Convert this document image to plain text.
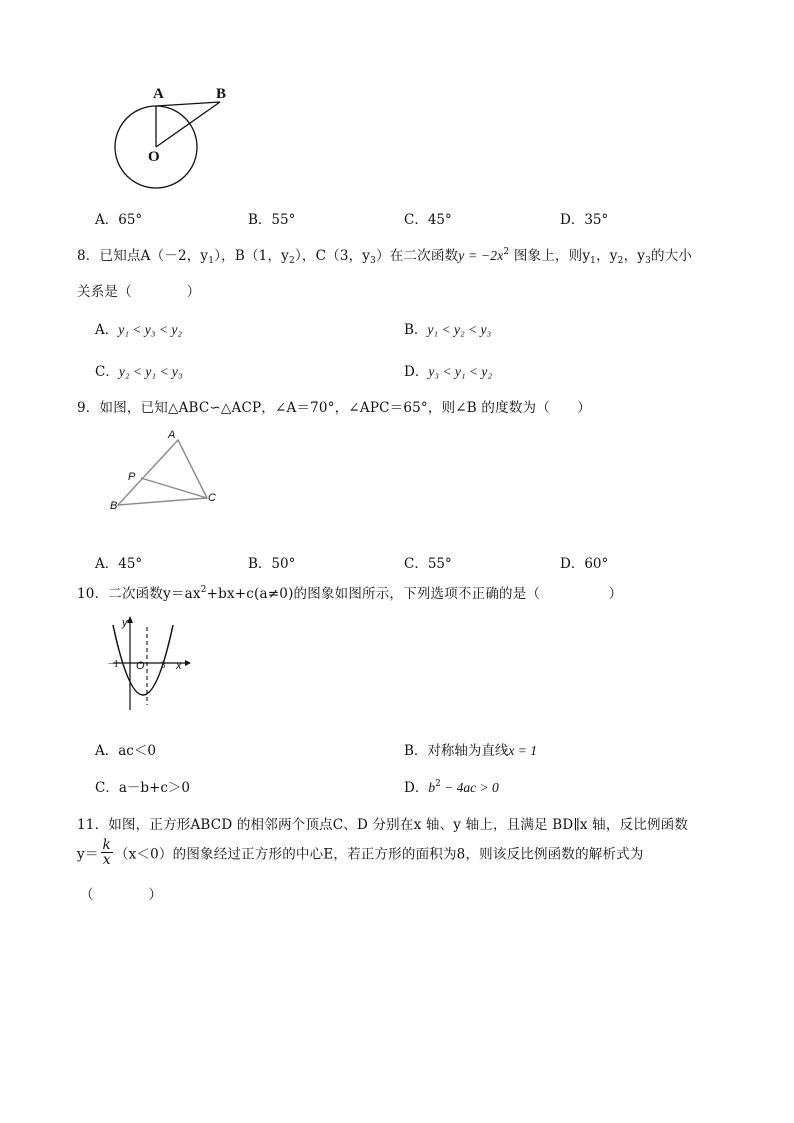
A	B
O
A．65°	B．55°	C．45°	D．35°
8．已知点A（－2，$y_1$），B（1，$y_2$），C（3，$y_3$）在二次函数$y = -2x^2$ 图象上，则$y_1$，$y_2$，$y_3$的大小
关系是（　　　　）
A．y₁ < y₃ < y₂	B．y₁ < y₂ < y₃
C．y₂ < y₁ < y₃	D．y₃ < y₁ < y₂
9．如图，已知△ABC∽△ACP，∠A＝70°，∠APC＝65°，则∠B 的度数为（　　）
A
P
B
C
A．45°	B．50°	C．55°	D．60°
10．二次函数$y=ax^2+bx+c(a\ne 0)$的图象如图所示，下列选项不正确的是（　　　　　）
y
x
O
−1	3
A．ac＜0	B．对称轴为直线x = 1
C．a－b+c＞0	D．$b^2 - 4ac > 0$
11．如图，正方形ABCD 的相邻两个顶点C、D 分别在x 轴、y 轴上，且满足 BD∥x 轴，反比例函数
$y= \frac{k}{x} (x<0)$的图象经过正方形的中心E，若正方形的面积为8，则该反比例函数的解析式为
（　　　　）
